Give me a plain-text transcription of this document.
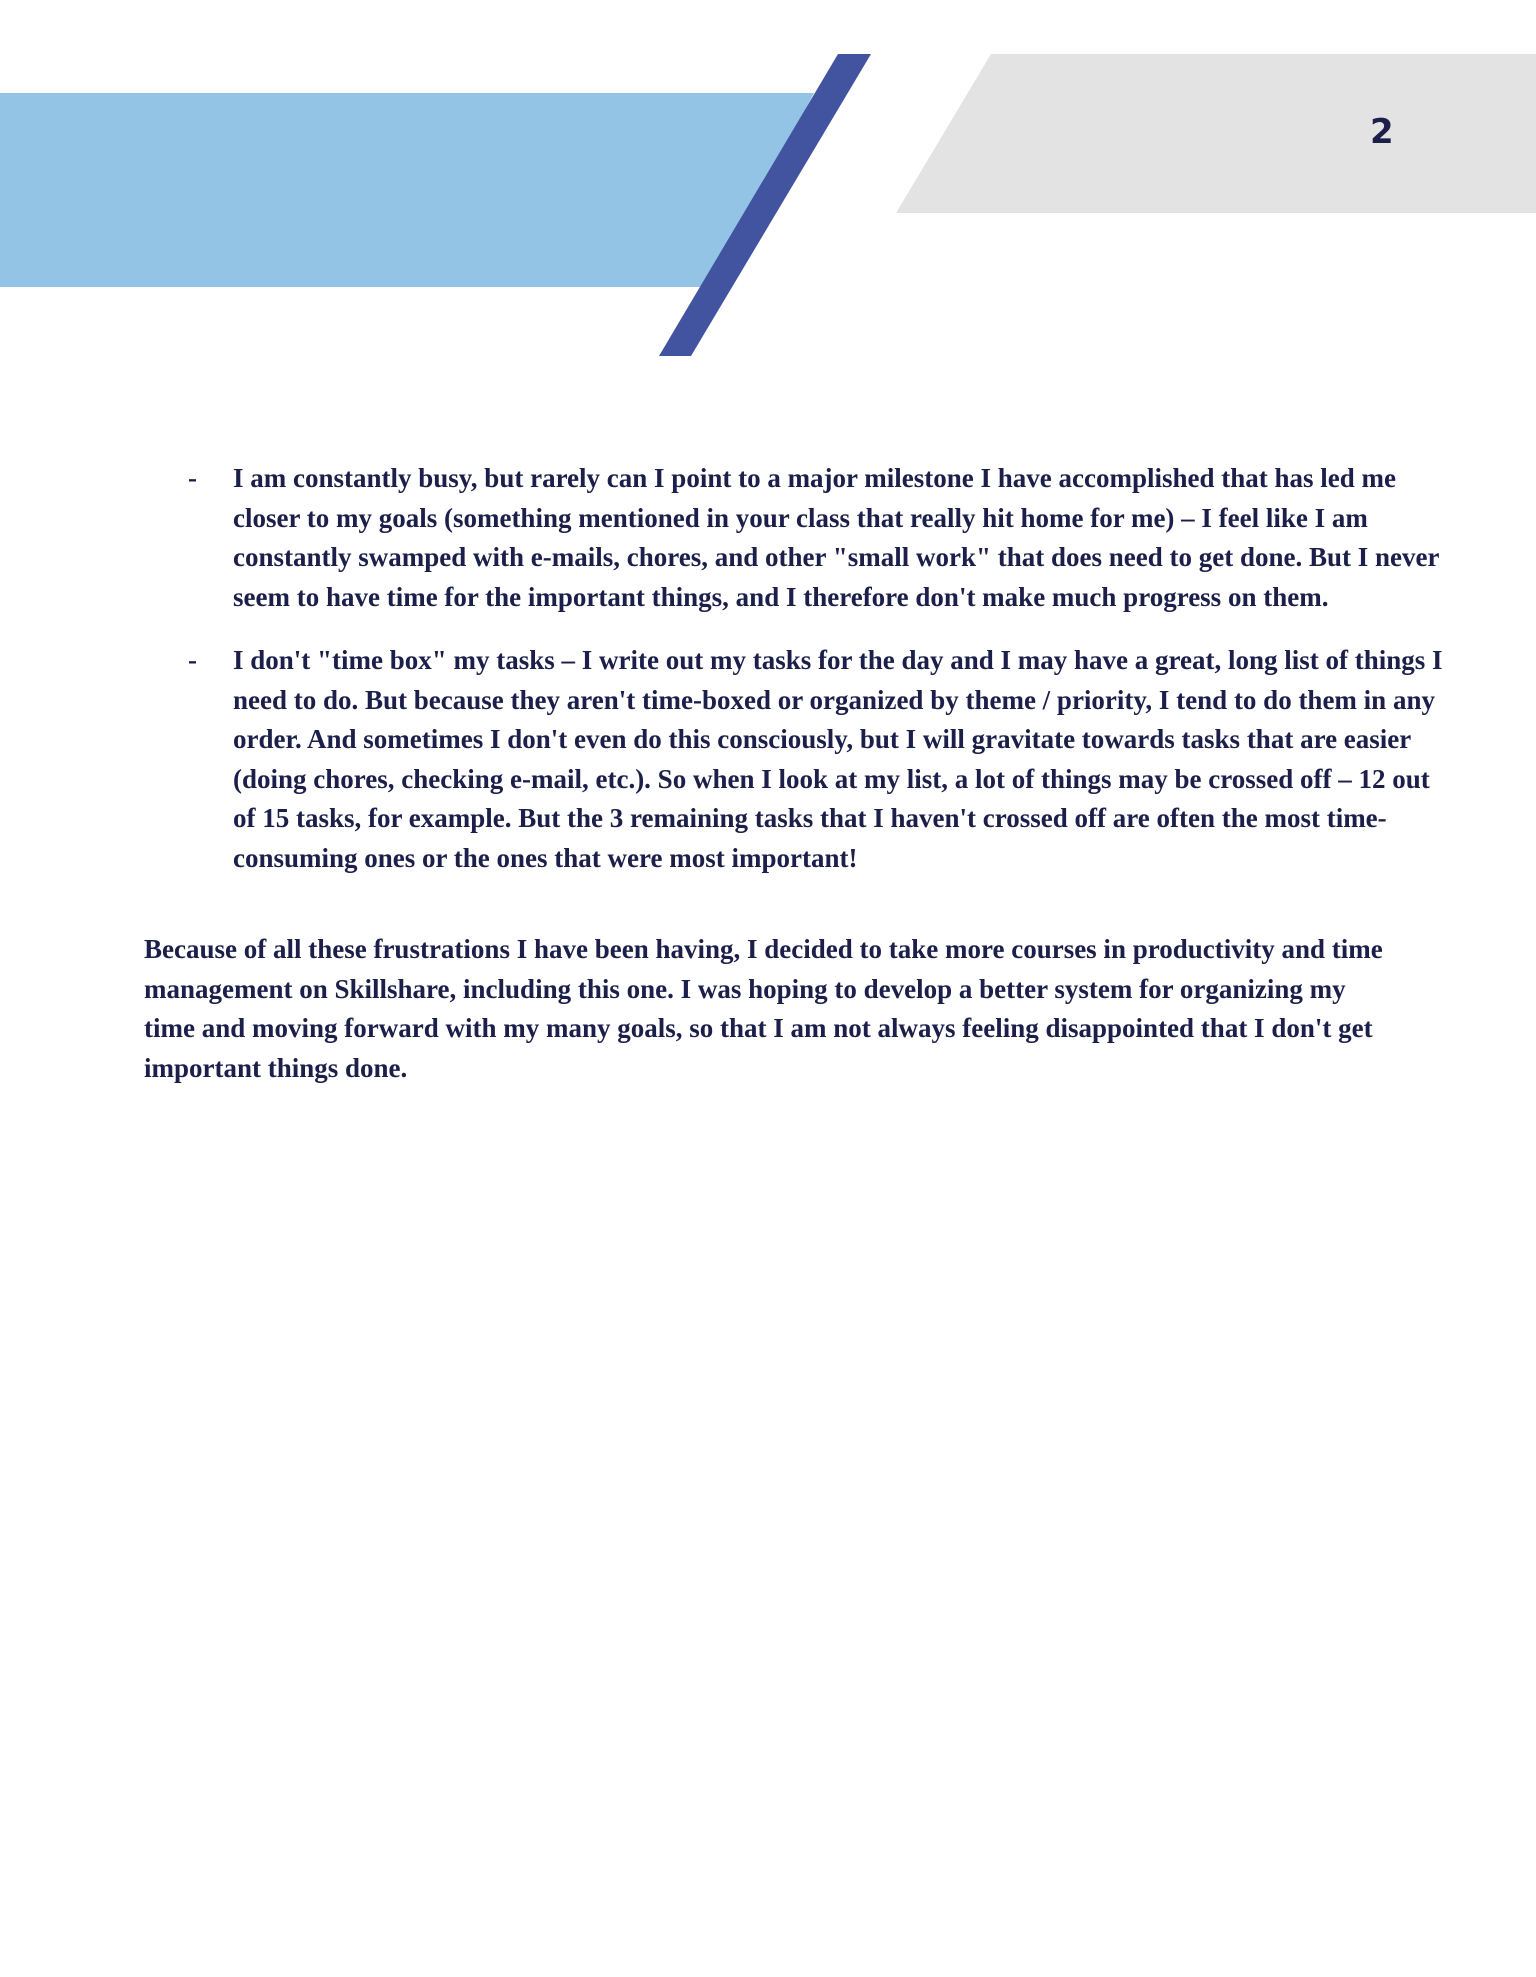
2
- I am constantly busy, but rarely can I point to a major milestone I have accomplished that has led me closer to my goals (something mentioned in your class that really hit home for me) – I feel like I am constantly swamped with e-mails, chores, and other "small work" that does need to get done. But I never seem to have time for the important things, and I therefore don't make much progress on them.
- I don't "time box" my tasks – I write out my tasks for the day and I may have a great, long list of things I need to do. But because they aren't time-boxed or organized by theme / priority, I tend to do them in any order. And sometimes I don't even do this consciously, but I will gravitate towards tasks that are easier (doing chores, checking e-mail, etc.). So when I look at my list, a lot of things may be crossed off – 12 out of 15 tasks, for example. But the 3 remaining tasks that I haven't crossed off are often the most time-consuming ones or the ones that were most important!

Because of all these frustrations I have been having, I decided to take more courses in productivity and time management on Skillshare, including this one. I was hoping to develop a better system for organizing my time and moving forward with my many goals, so that I am not always feeling disappointed that I don't get important things done.
